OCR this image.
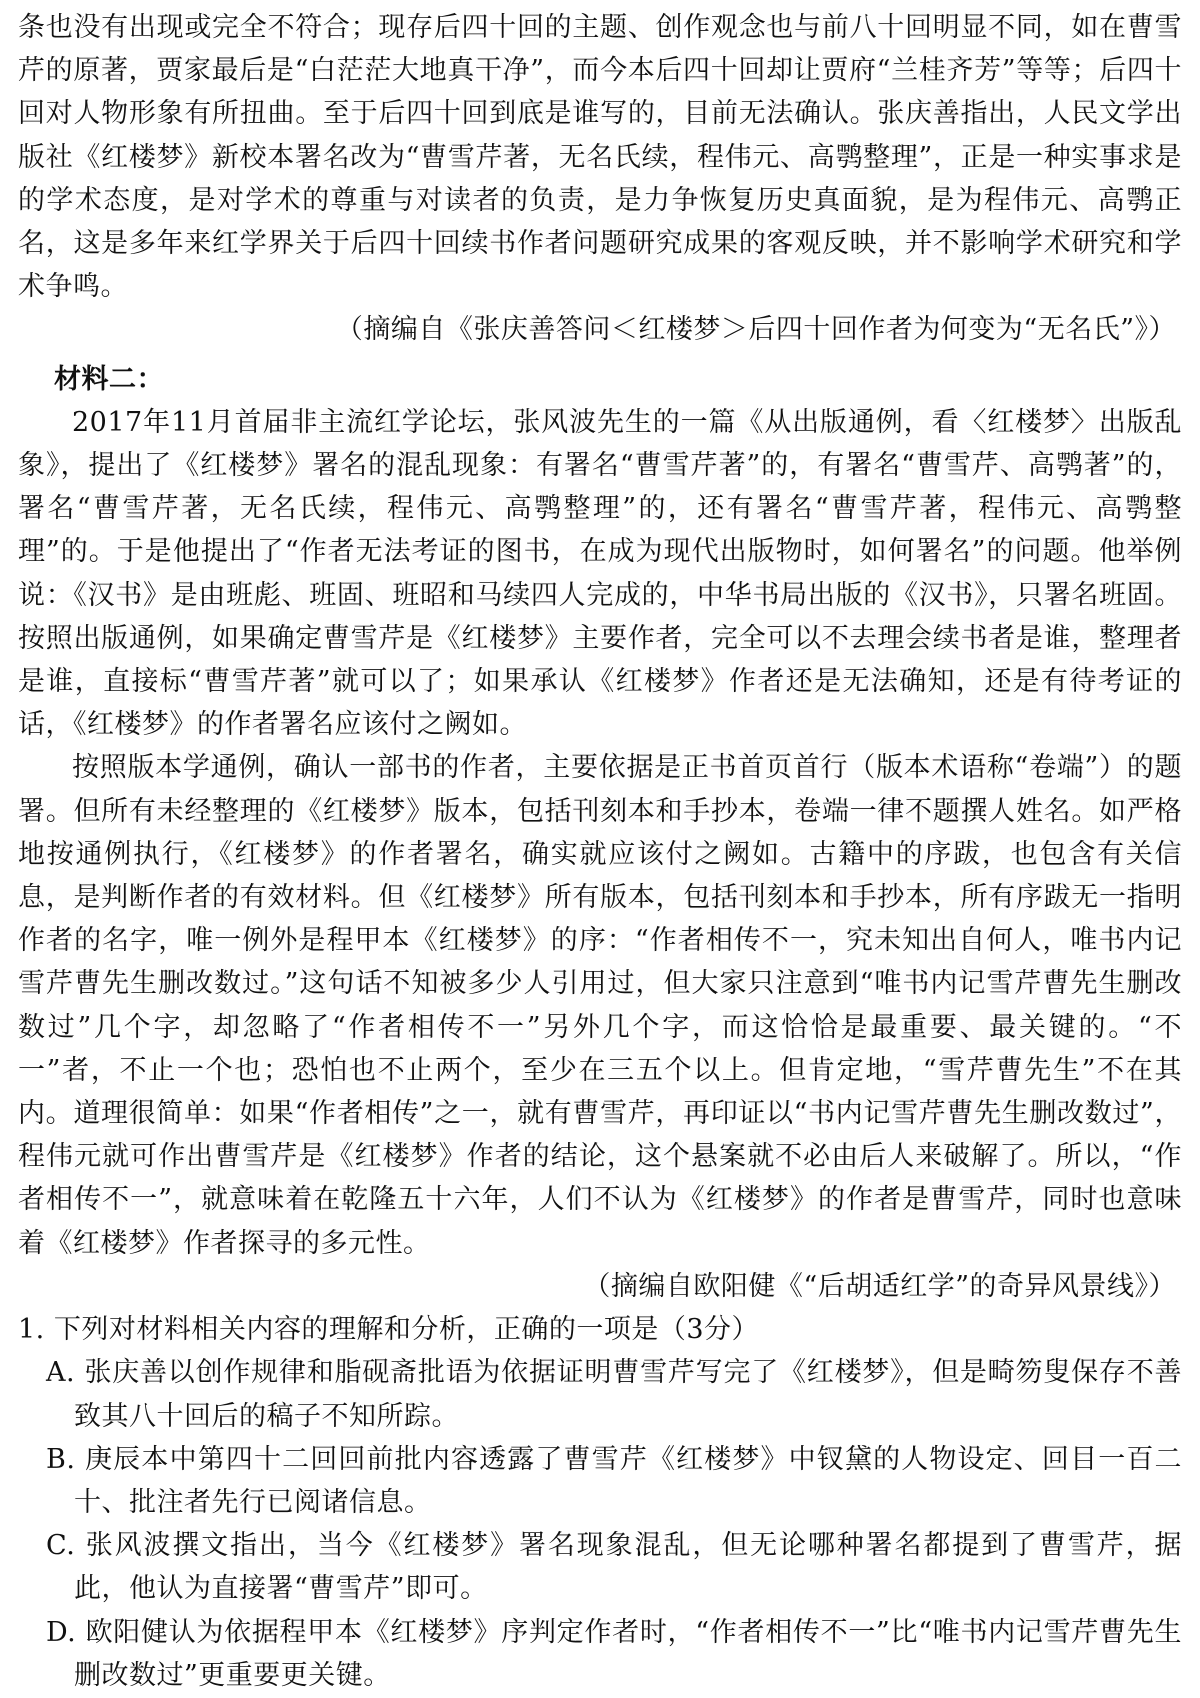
条也没有出现或完全不符合；现存后四十回的主题、创作观念也与前八十回明显不同，如在曹雪芹的原著，贾家最后是“白茫茫大地真干净”，而今本后四十回却让贾府“兰桂齐芳”等等；后四十回对人物形象有所扭曲。至于后四十回到底是谁写的，目前无法确认。张庆善指出，人民文学出版社《红楼梦》新校本署名改为“曹雪芹著，无名氏续，程伟元、高鹗整理”，正是一种实事求是的学术态度，是对学术的尊重与对读者的负责，是力争恢复历史真面貌，是为程伟元、高鹗正名，这是多年来红学界关于后四十回续书作者问题研究成果的客观反映，并不影响学术研究和学术争鸣。

（摘编自《张庆善答问＜红楼梦＞后四十回作者为何变为“无名氏”》）

材料二：

2017年11月首届非主流红学论坛，张风波先生的一篇《从出版通例，看〈红楼梦〉出版乱象》，提出了《红楼梦》署名的混乱现象：有署名“曹雪芹著”的，有署名“曹雪芹、高鹗著”的，署名“曹雪芹著，无名氏续，程伟元、高鹗整理”的，还有署名“曹雪芹著，程伟元、高鹗整理”的。于是他提出了“作者无法考证的图书，在成为现代出版物时，如何署名”的问题。他举例说：《汉书》是由班彪、班固、班昭和马续四人完成的，中华书局出版的《汉书》，只署名班固。按照出版通例，如果确定曹雪芹是《红楼梦》主要作者，完全可以不去理会续书者是谁，整理者是谁，直接标“曹雪芹著”就可以了；如果承认《红楼梦》作者还是无法确知，还是有待考证的话，《红楼梦》的作者署名应该付之阙如。

按照版本学通例，确认一部书的作者，主要依据是正书首页首行（版本术语称“卷端”）的题署。但所有未经整理的《红楼梦》版本，包括刊刻本和手抄本，卷端一律不题撰人姓名。如严格地按通例执行，《红楼梦》的作者署名，确实就应该付之阙如。古籍中的序跋，也包含有关信息，是判断作者的有效材料。但《红楼梦》所有版本，包括刊刻本和手抄本，所有序跋无一指明作者的名字，唯一例外是程甲本《红楼梦》的序：“作者相传不一，究未知出自何人，唯书内记雪芹曹先生删改数过。”这句话不知被多少人引用过，但大家只注意到“唯书内记雪芹曹先生删改数过”几个字，却忽略了“作者相传不一”另外几个字，而这恰恰是最重要、最关键的。“不一”者，不止一个也；恐怕也不止两个，至少在三五个以上。但肯定地，“雪芹曹先生”不在其内。道理很简单：如果“作者相传”之一，就有曹雪芹，再印证以“书内记雪芹曹先生删改数过”，程伟元就可作出曹雪芹是《红楼梦》作者的结论，这个悬案就不必由后人来破解了。所以，“作者相传不一”，就意味着在乾隆五十六年，人们不认为《红楼梦》的作者是曹雪芹，同时也意味着《红楼梦》作者探寻的多元性。

（摘编自欧阳健《“后胡适红学”的奇异风景线》）

1. 下列对材料相关内容的理解和分析，正确的一项是（3分）

A. 张庆善以创作规律和脂砚斋批语为依据证明曹雪芹写完了《红楼梦》，但是畸笏叟保存不善致其八十回后的稿子不知所踪。

B. 庚辰本中第四十二回回前批内容透露了曹雪芹《红楼梦》中钗黛的人物设定、回目一百二十、批注者先行已阅诸信息。

C. 张风波撰文指出，当今《红楼梦》署名现象混乱，但无论哪种署名都提到了曹雪芹，据此，他认为直接署“曹雪芹”即可。

D. 欧阳健认为依据程甲本《红楼梦》序判定作者时，“作者相传不一”比“唯书内记雪芹曹先生删改数过”更重要更关键。
